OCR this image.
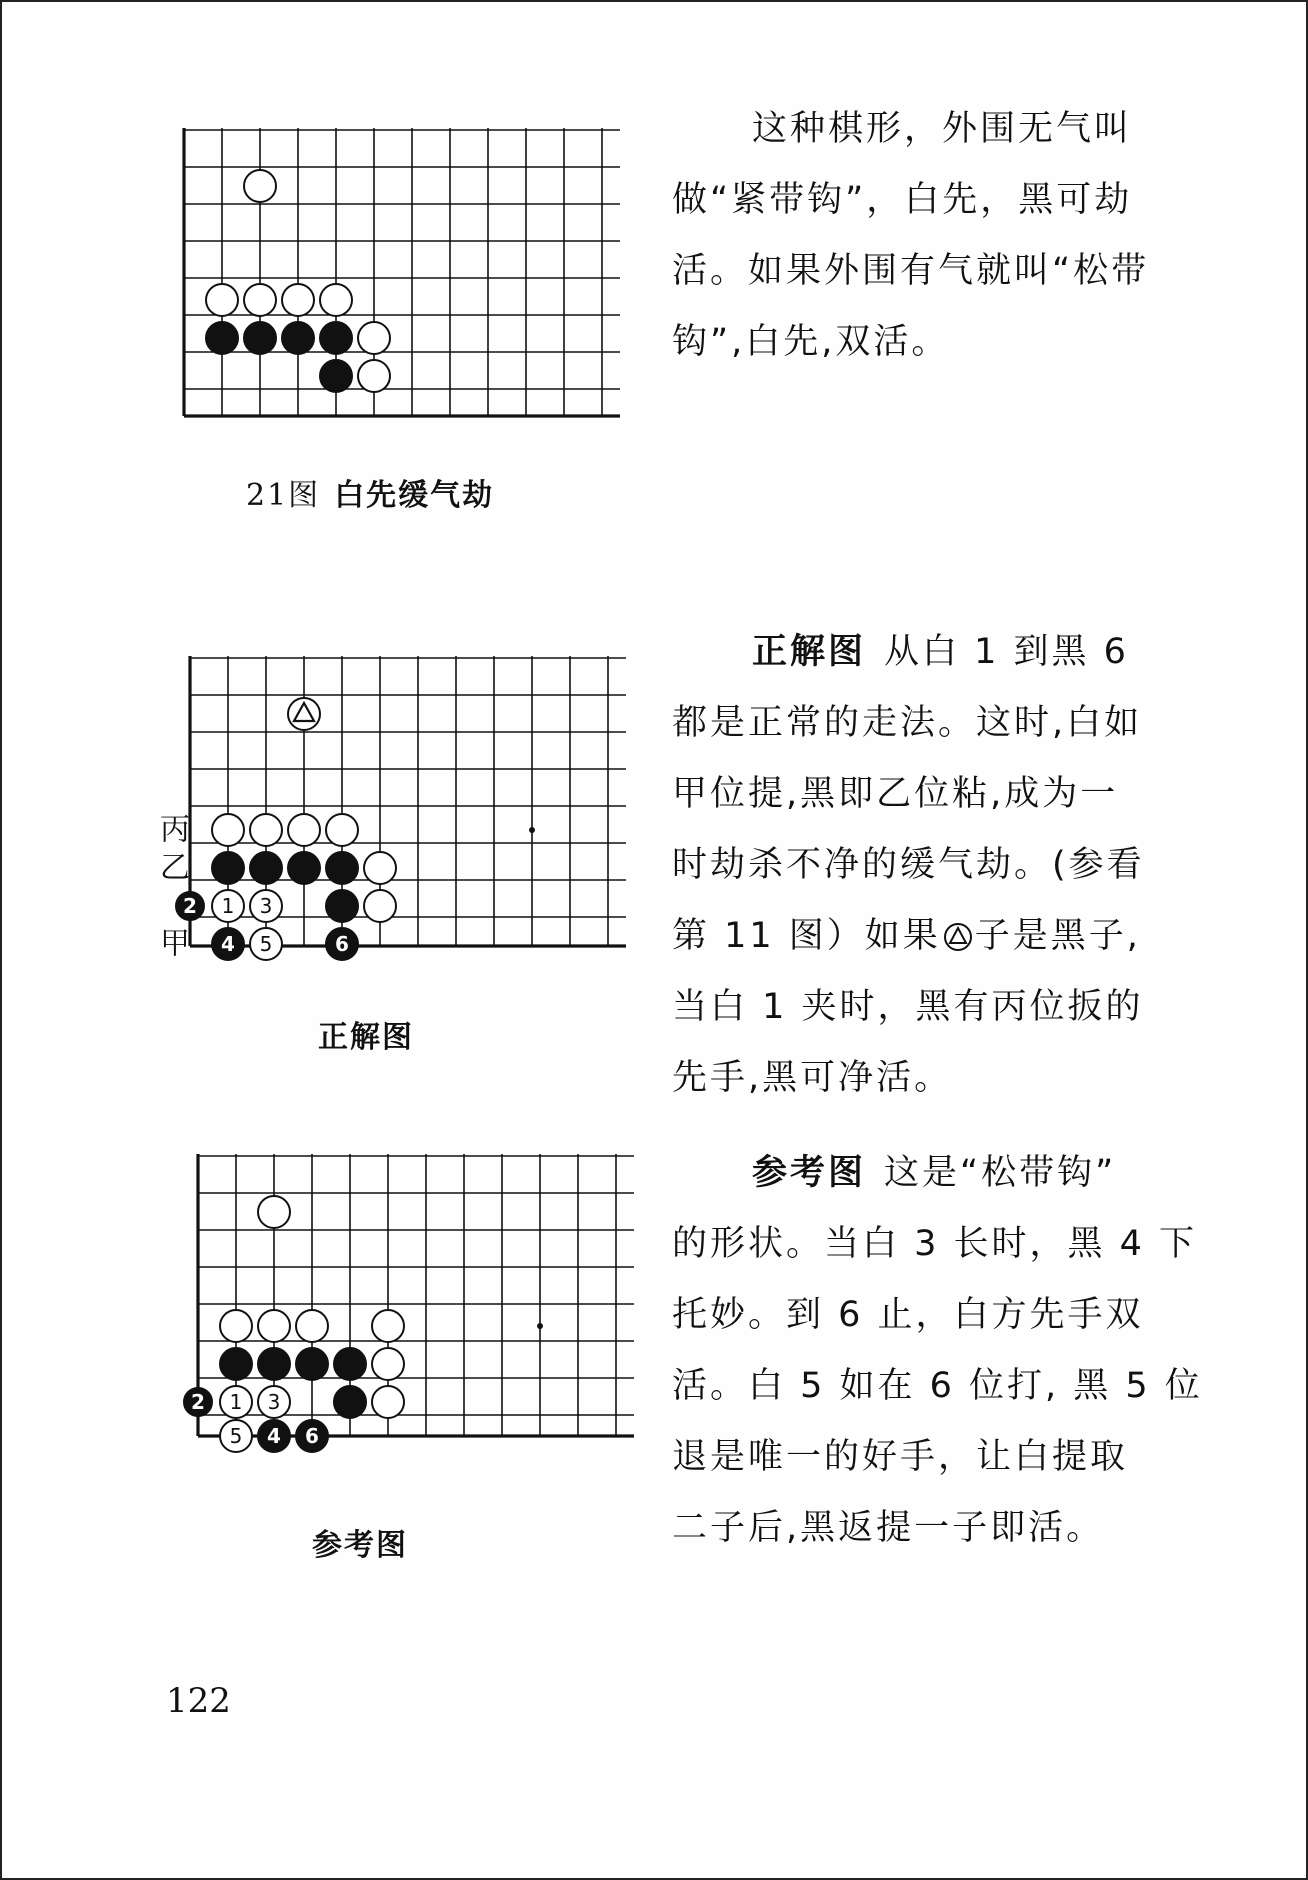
21图 白先缓气劫
这种棋形，外围无气叫
做“紧带钩”，白先，黑可劫
活。如果外围有气就叫“松带
钩”,白先,双活。
丙
乙
甲
2 1 3
4 5	6
正解图
正解图 从白 1 到黑 6
都是正常的走法。这时,白如
甲位提,黑即乙位粘,成为一
时劫杀不净的缓气劫。(参看
第 11 图）如果 子是黑子,
当白 1 夹时，黑有丙位扳的
先手,黑可净活。
2 1 3
5 4 6
参考图
参考图 这是“松带钩”
的形状。当白 3 长时，黑 4 下
托妙。到 6 止，白方先手双
活。白 5 如在 6 位打, 黑 5 位
退是唯一的好手，让白提取
二子后,黑返提一子即活。
122
